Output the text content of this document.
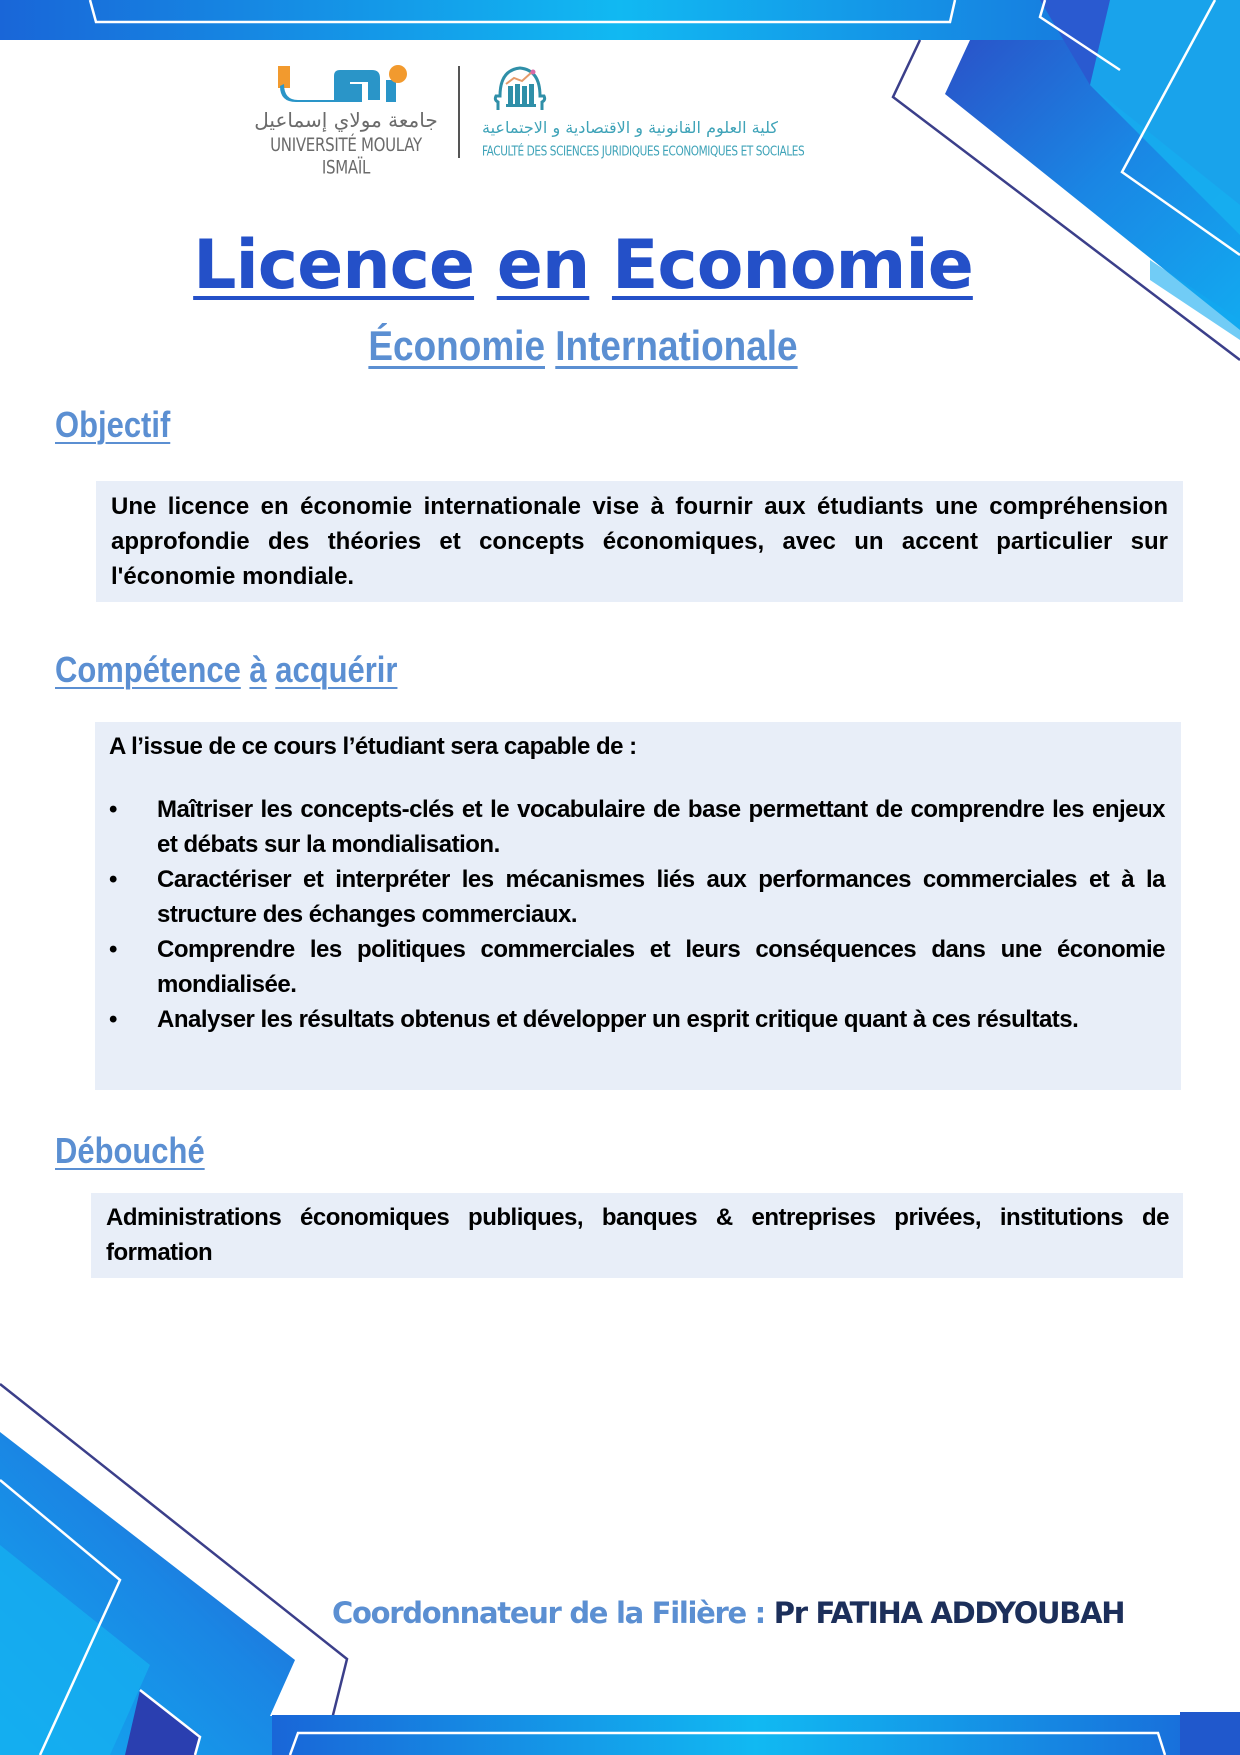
جامعة مولاي إسماعيل
UNIVERSITÉ MOULAY ISMAÏL
كلية العلوم القانونية و الاقتصادية و الاجتماعية
FACULTÉ DES SCIENCES JURIDIQUES ECONOMIQUES ET SOCIALES
Licence en Economie
Économie Internationale
Objectif

Une licence en économie internationale vise à fournir aux étudiants une compréhension approfondie des théories et concepts économiques, avec un accent particulier sur l'économie mondiale.

Compétence à acquérir

A l’issue de ce cours l’étudiant sera capable de :

• Maîtriser les concepts-clés et le vocabulaire de base permettant de comprendre les enjeux et débats sur la mondialisation.
• Caractériser et interpréter les mécanismes liés aux performances commerciales et à la structure des échanges commerciaux.
• Comprendre les politiques commerciales et leurs conséquences dans une économie mondialisée.
• Analyser les résultats obtenus et développer un esprit critique quant à ces résultats.
Débouché

Administrations économiques publiques, banques & entreprises privées, institutions de formation

Coordonnateur de la Filière : Pr FATIHA ADDYOUBAH
